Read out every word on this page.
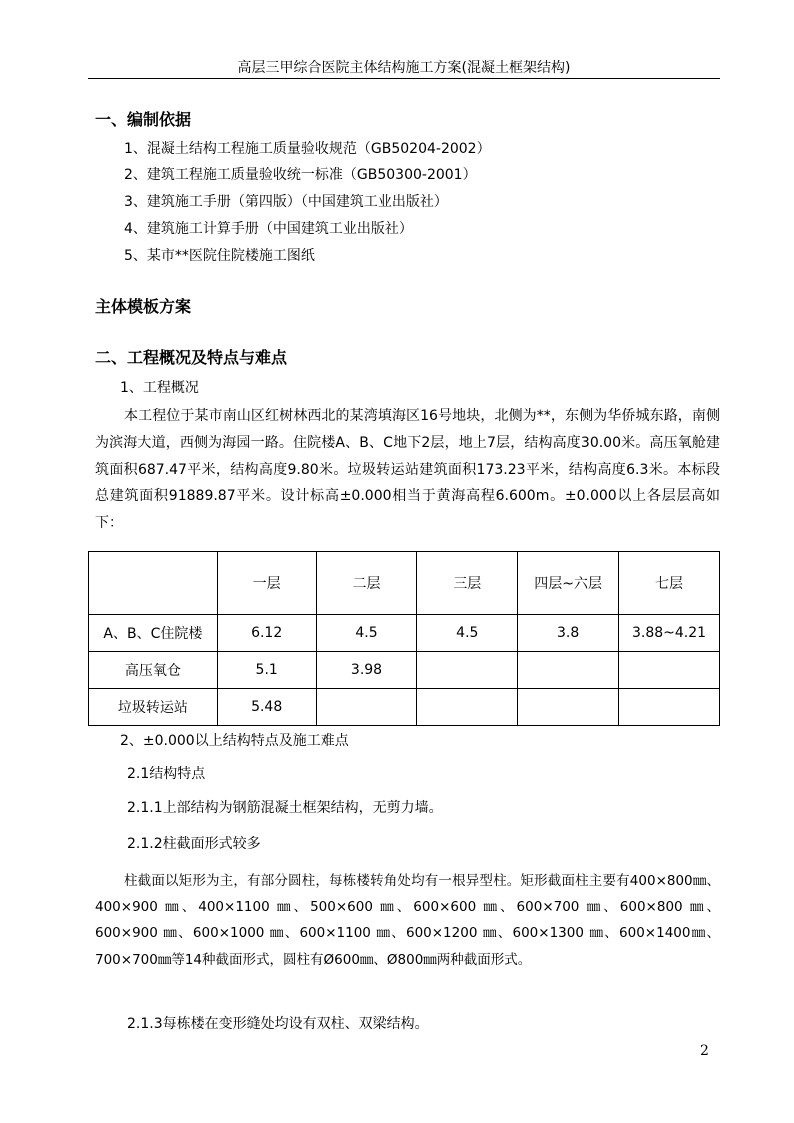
高层三甲综合医院主体结构施工方案(混凝土框架结构)
一、编制依据
1、混凝土结构工程施工质量验收规范（GB50204-2002）
2、建筑工程施工质量验收统一标准（GB50300-2001）
3、建筑施工手册（第四版）（中国建筑工业出版社）
4、建筑施工计算手册（中国建筑工业出版社）
5、某市**医院住院楼施工图纸
主体模板方案
二、工程概况及特点与难点
1、工程概况
本工程位于某市南山区红树林西北的某湾填海区16号地块，北侧为**，东侧为华侨城东路，南侧为滨海大道，西侧为海园一路。住院楼A、B、C地下2层，地上7层，结构高度30.00米。高压氧舱建筑面积687.47平米，结构高度9.80米。垃圾转运站建筑面积173.23平米，结构高度6.3米。本标段总建筑面积91889.87平米。设计标高±0.000相当于黄海高程6.600m。±0.000以上各层层高如下：
	一层	二层	三层	四层~六层	七层
A、B、C住院楼	6.12	4.5	4.5	3.8	3.88~4.21
高压氧仓	5.1	3.98			
垃圾转运站	5.48				
2、±0.000以上结构特点及施工难点
2.1结构特点
2.1.1上部结构为钢筋混凝土框架结构，无剪力墙。
2.1.2柱截面形式较多
柱截面以矩形为主，有部分圆柱，每栋楼转角处均有一根异型柱。矩形截面柱主要有400×800㎜、400×900 ㎜、400×1100 ㎜、500×600 ㎜、600×600 ㎜、600×700 ㎜、600×800 ㎜、600×900 ㎜、600×1000 ㎜、600×1100 ㎜、600×1200 ㎜、600×1300 ㎜、600×1400㎜、700×700㎜等14种截面形式，圆柱有Ø600㎜、Ø800㎜两种截面形式。
2.1.3每栋楼在变形缝处均设有双柱、双梁结构。
2
